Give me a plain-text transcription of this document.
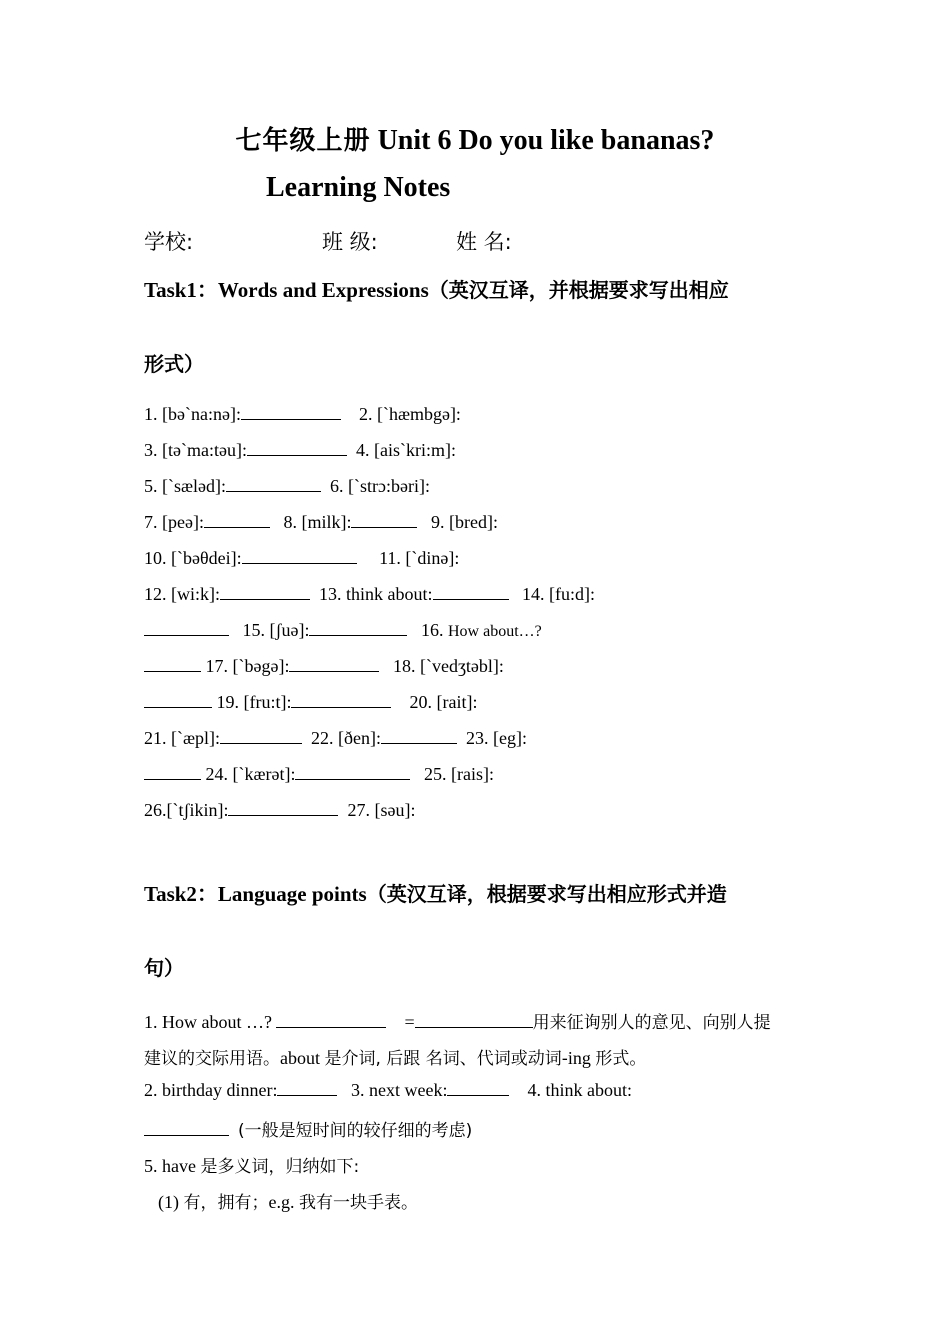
七年级上册 Unit 6 Do you like bananas?
Learning Notes
学校:	班 级:	姓 名:
Task1：Words and Expressions（英汉互译，并根据要求写出相应
形式）
1. [bə`na:nə]:	2. [`hæmbgə]:
3. [tə`ma:təu]:	4. [ais`kri:m]:
5. [`sæləd]:	6. [`strɔ:bəri]:
7. [peə]:	8. [milk]:	9. [bred]:
10. [`bəθdei]:	11. [`dinə]:
12. [wi:k]:	13. think about:	14. [fu:d]:
15. [ʃuə]:	16. How about…?
17. [`bəgə]:	18. [`vedʒtəbl]:
19. [fru:t]:	20. [rait]:
21. [`æpl]:	22. [ðen]:	23. [eg]:
24. [`kærət]:	25. [rais]:
26.[`tʃikin]:	27. [səu]:
Task2：Language points（英汉互译，根据要求写出相应形式并造
句）
1. How about …?	=	用来征询别人的意见、向别人提
建议的交际用语。about 是介词, 后跟 名词、代词或动词-ing 形式。
2. birthday dinner:	3. next week:	4. think about:
(一般是短时间的较仔细的考虑)
5. have 是多义词，归纳如下:
(1) 有，拥有；e.g. 我有一块手表。
